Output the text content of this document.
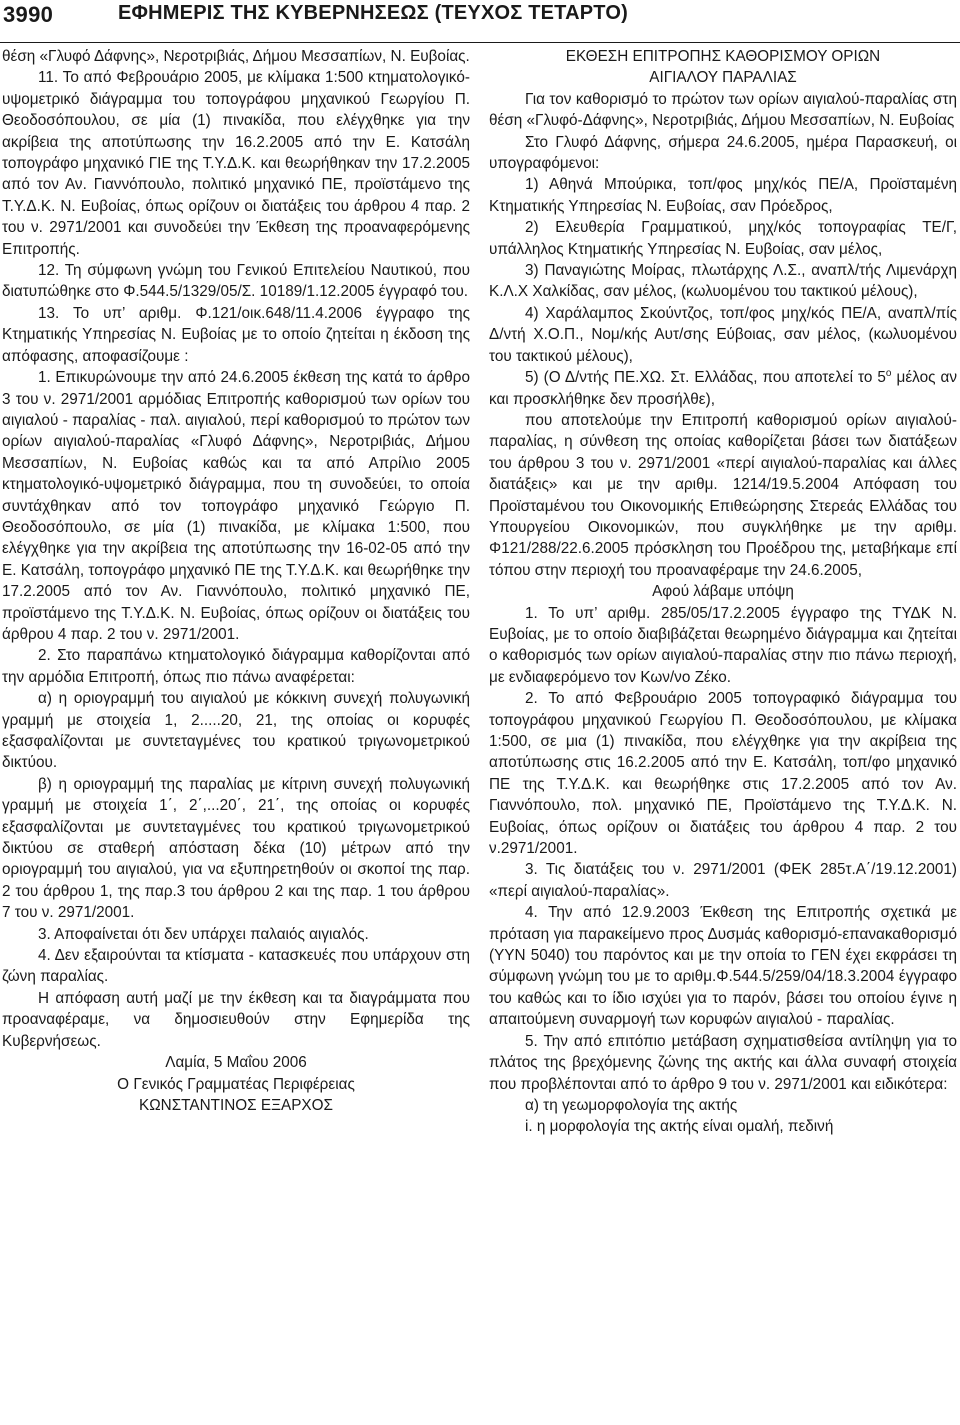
3990	ΕΦΗΜΕΡΙΣ ΤΗΣ ΚΥΒΕΡΝΗΣΕΩΣ (ΤΕΥΧΟΣ ΤΕΤΑΡΤΟ)

θέση «Γλυφό Δάφνης», Νεροτριβιάς, Δήμου Μεσσαπίων, Ν. Ευβοίας.

11. Το από Φεβρουάριο 2005, με κλίμακα 1:500 κτηματολογικό-υψομετρικό διάγραμμα του τοπογράφου μηχανικού Γεωργίου Π. Θεοδοσόπουλου, σε μία (1) πινακίδα, που ελέγχθηκε για την ακρίβεια της αποτύπωσης την 16.2.2005 από την Ε. Κατσάλη τοπογράφο μηχανικό ΓΙΕ της Τ.Υ.Δ.Κ. και θεωρήθηκαν την 17.2.2005 από τον Αν. Γιαννόπουλο, πολιτικό μηχανικό ΠΕ, προϊστάμενο της Τ.Υ.Δ.Κ. Ν. Ευβοίας, όπως ορίζουν οι διατάξεις του άρθρου 4 παρ. 2 του ν. 2971/2001 και συνοδεύει την Έκθεση της προαναφερόμενης Επιτροπής.

12. Τη σύμφωνη γνώμη του Γενικού Επιτελείου Ναυτικού, που διατυπώθηκε στο Φ.544.5/1329/05/Σ. 10189/1.12.2005 έγγραφό του.

13. Το υπ’ αριθμ. Φ.121/οικ.648/11.4.2006 έγγραφο της Κτηματικής Υπηρεσίας Ν. Ευβοίας με το οποίο ζητείται η έκδοση της απόφασης, αποφασίζουμε :

1. Επικυρώνουμε την από 24.6.2005 έκθεση της κατά το άρθρο 3 του ν. 2971/2001 αρμόδιας Επιτροπής καθορισμού των ορίων του αιγιαλού - παραλίας - παλ. αιγιαλού, περί καθορισμού το πρώτον των ορίων αιγιαλού-παραλίας «Γλυφό Δάφνης», Νεροτριβιάς, Δήμου Μεσσαπίων, Ν. Ευβοίας καθώς και τα από Απρίλιο 2005 κτηματολογικό-υψομετρικό διάγραμμα, που τη συνοδεύει, το οποία συντάχθηκαν από τον τοπογράφο μηχανικό Γεώργιο Π. Θεοδοσόπουλο, σε μία (1) πινακίδα, με κλίμακα 1:500, που ελέγχθηκε για την ακρίβεια της αποτύπωσης την 16-02-05 από την Ε. Κατσάλη, τοπογράφο μηχανικό ΠΕ της Τ.Υ.Δ.Κ. και θεωρήθηκε την 17.2.2005 από τον Αν. Γιαννόπουλο, πολιτικό μηχανικό ΠΕ, προϊστάμενο της Τ.Υ.Δ.Κ. Ν. Ευβοίας, όπως ορίζουν οι διατάξεις του άρθρου 4 παρ. 2 του ν. 2971/2001.

2. Στο παραπάνω κτηματολογικό διάγραμμα καθορίζονται από την αρμόδια Επιτροπή, όπως πιο πάνω αναφέρεται:

α) η οριογραμμή του αιγιαλού με κόκκινη συνεχή πολυγωνική γραμμή με στοιχεία 1, 2.....20, 21, της οποίας οι κορυφές εξασφαλίζονται με συντεταγμένες του κρατικού τριγωνομετρικού δικτύου.

β) η οριογραμμή της παραλίας με κίτρινη συνεχή πολυγωνική γραμμή με στοιχεία 1΄, 2΄,...20΄, 21΄, της οποίας οι κορυφές εξασφαλίζονται με συντεταγμένες του κρατικού τριγωνομετρικού δικτύου σε σταθερή απόσταση δέκα (10) μέτρων από την οριογραμμή του αιγιαλού, για να εξυπηρετηθούν οι σκοποί της παρ. 2 του άρθρου 1, της παρ.3 του άρθρου 2 και της παρ. 1 του άρθρου 7 του ν. 2971/2001.

3. Αποφαίνεται ότι δεν υπάρχει παλαιός αιγιαλός.

4. Δεν εξαιρούνται τα κτίσματα - κατασκευές που υπάρχουν στη ζώνη παραλίας.

Η απόφαση αυτή μαζί με την έκθεση και τα διαγράμματα που προαναφέραμε, να δημοσιευθούν στην Εφημερίδα της Κυβερνήσεως.

Λαμία, 5 Μαΐου 2006

Ο Γενικός Γραμματέας Περιφέρειας

ΚΩΝΣΤΑΝΤΙΝΟΣ ΕΞΑΡΧΟΣ

ΕΚΘΕΣΗ ΕΠΙΤΡΟΠΗΣ ΚΑΘΟΡΙΣΜΟΥ ΟΡΙΩΝ

ΑΙΓΙΑΛΟΥ ΠΑΡΑΛΙΑΣ

Για τον καθορισμό το πρώτον των ορίων αιγιαλού-παραλίας στη θέση «Γλυφό-Δάφνης», Νεροτριβιάς, Δήμου Μεσσαπίων, Ν. Ευβοίας

Στο Γλυφό Δάφνης, σήμερα 24.6.2005, ημέρα Παρασκευή, οι υπογραφόμενοι:

1) Αθηνά Μπούρικα, τοπ/φος μηχ/κός ΠΕ/Α, Προϊσταμένη Κτηματικής Υπηρεσίας Ν. Ευβοίας, σαν Πρόεδρος,

2) Ελευθερία Γραμματικού, μηχ/κός τοπογραφίας ΤΕ/Γ, υπάλληλος Κτηματικής Υπηρεσίας Ν. Ευβοίας, σαν μέλος,

3) Παναγιώτης Μοίρας, πλωτάρχης Λ.Σ., αναπλ/τής Λιμενάρχη Κ.Λ.Χ Χαλκίδας, σαν μέλος, (κωλυομένου του τακτικού μέλους),

4) Χαράλαμπος Σκούντζος, τοπ/φος μηχ/κός ΠΕ/Α, αναπλ/πίς Δ/ντή Χ.Ο.Π., Νομ/κής Αυτ/σης Εύβοιας, σαν μέλος, (κωλυομένου του τακτικού μέλους),

5) (Ο Δ/ντής ΠΕ.ΧΩ. Στ. Ελλάδας, που αποτελεί το $5^o$ μέλος αν και προσκλήθηκε δεν προσήλθε),

που αποτελούμε την Επιτροπή καθορισμού ορίων αιγιαλού-παραλίας, η σύνθεση της οποίας καθορίζεται βάσει των διατάξεων του άρθρου 3 του ν. 2971/2001 «περί αιγιαλού-παραλίας και άλλες διατάξεις» και με την αριθμ. 1214/19.5.2004 Απόφαση του Προϊσταμένου του Οικονομικής Επιθεώρησης Στερεάς Ελλάδας του Υπουργείου Οικονομικών, που συγκλήθηκε με την αριθμ. Φ121/288/22.6.2005 πρόσκληση του Προέδρου της, μεταβήκαμε επί τόπου στην περιοχή του προαναφέραμε την 24.6.2005,

Αφού λάβαμε υπόψη

1. Το υπ’ αριθμ. 285/05/17.2.2005 έγγραφο της ΤΥΔΚ Ν. Ευβοίας, με το οποίο διαβιβάζεται θεωρημένο διάγραμμα και ζητείται ο καθορισμός των ορίων αιγιαλού-παραλίας στην πιο πάνω περιοχή, με ενδιαφερόμενο τον Κων/νο Ζέκο.

2. Το από Φεβρουάριο 2005 τοπογραφικό διάγραμμα του τοπογράφου μηχανικού Γεωργίου Π. Θεοδοσόπουλου, με κλίμακα 1:500, σε μια (1) πινακίδα, που ελέγχθηκε για την ακρίβεια της αποτύπωσης στις 16.2.2005 από την Ε. Κατσάλη, τοπ/φο μηχανικό ΠΕ της Τ.Υ.Δ.Κ. και θεωρήθηκε στις 17.2.2005 από τον Αν. Γιαννόπουλο, πολ. μηχανικό ΠΕ, Προϊστάμενο της Τ.Υ.Δ.Κ. Ν. Ευβοίας, όπως ορίζουν οι διατάξεις του άρθρου 4 παρ. 2 του ν.2971/2001.

3. Τις διατάξεις του ν. 2971/2001 (ΦΕΚ 285τ.Α΄/19.12.2001) «περί αιγιαλού-παραλίας».

4. Την από 12.9.2003 Έκθεση της Επιτροπής σχετικά με πρόταση για παρακείμενο προς Δυσμάς καθορισμό-επανακαθορισμό (ΥΥΝ 5040) του παρόντος και με την οποία το ΓΕΝ έχει εκφράσει τη σύμφωνη γνώμη του με το αριθμ.Φ.544.5/259/04/18.3.2004 έγγραφο του καθώς και το ίδιο ισχύει για το παρόν, βάσει του οποίου έγινε η απαιτούμενη συναρμογή των κορυφών αιγιαλού - παραλίας.

5. Την από επιτόπιο μετάβαση σχηματισθείσα αντίληψη για το πλάτος της βρεχόμενης ζώνης της ακτής και άλλα συναφή στοιχεία που προβλέπονται από το άρθρο 9 του ν. 2971/2001 και ειδικότερα:

α) τη γεωμορφολογία της ακτής

i. η μορφολογία της ακτής είναι ομαλή, πεδινή
